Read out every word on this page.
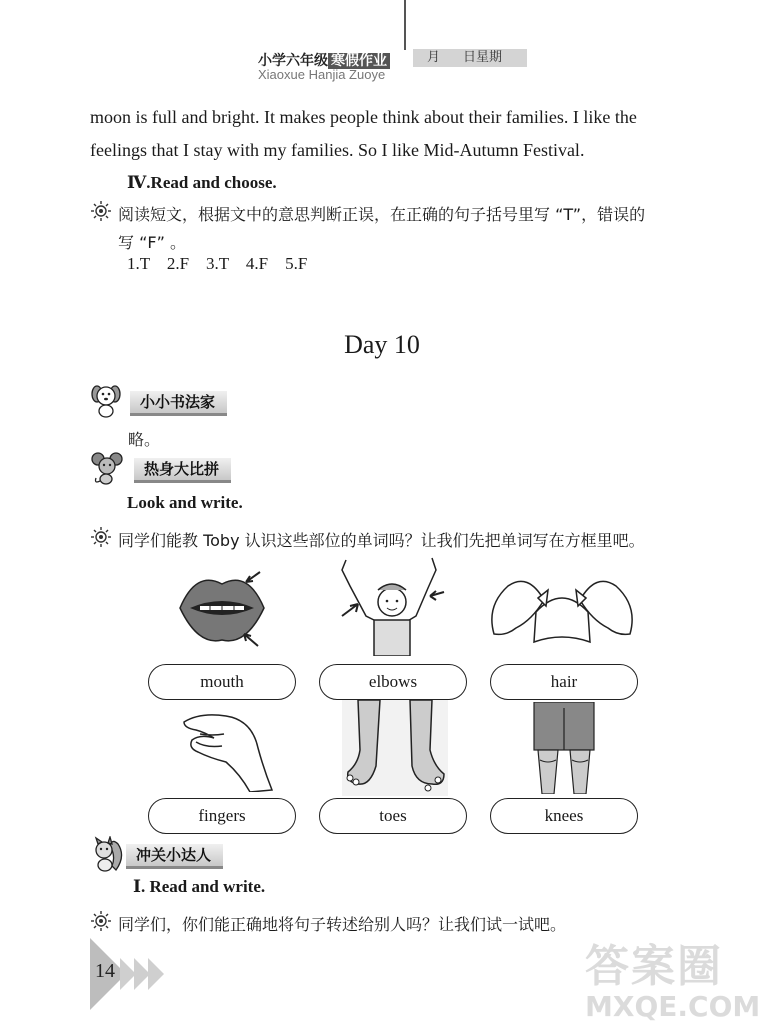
小学六年级 寒假作业	月 日星期
Xiaoxue Hanjia Zuoye
moon is full and bright. It makes people think about their families. I like the
feelings that I stay with my families. So I like Mid-Autumn Festival.
Ⅳ.Read and choose.
阅读短文，根据文中的意思判断正误，在正确的句子括号里写 “T”，错误的
写 “F” 。
1.T    2.F    3.T    4.F    5.F
Day 10
小小书法家
略。
热身大比拼
Look and write.
同学们能教 Toby 认识这些部位的单词吗？让我们先把单词写在方框里吧。
mouth	elbows	hair
fingers	toes	knees
冲关小达人
Ⅰ. Read and write.
同学们，你们能正确地将句子转述给别人吗？让我们试一试吧。
14	答案圈
MXQE.COM
